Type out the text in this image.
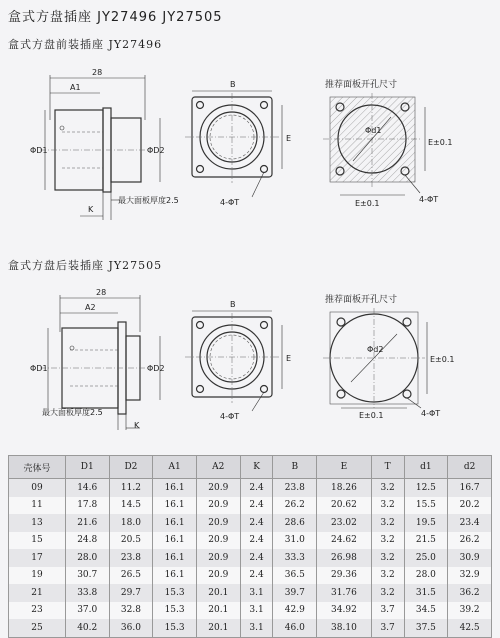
盒式方盘插座 JY27496 JY27505
盒式方盘前装插座 JY27496
盒式方盘后装插座 JY27505
28
A1
ΦD1	ΦD2
K
最大面板厚度2.5
B
E
4-ΦT
推荐面板开孔尺寸
Φd1
E±0.1
E±0.1	4-ΦT
28
A2
ΦD1	ΦD2
最大面板厚度2.5
K
B
E
4-ΦT
推荐面板开孔尺寸
Φd2
E±0.1
E±0.1	4-ΦT
壳体号	D1	D2	A1	A2	K	B	E	T	d1	d2
09	14.6	11.2	16.1	20.9	2.4	23.8	18.26	3.2	12.5	16.7
11	17.8	14.5	16.1	20.9	2.4	26.2	20.62	3.2	15.5	20.2
13	21.6	18.0	16.1	20.9	2.4	28.6	23.02	3.2	19.5	23.4
15	24.8	20.5	16.1	20.9	2.4	31.0	24.62	3.2	21.5	26.2
17	28.0	23.8	16.1	20.9	2.4	33.3	26.98	3.2	25.0	30.9
19	30.7	26.5	16.1	20.9	2.4	36.5	29.36	3.2	28.0	32.9
21	33.8	29.7	15.3	20.1	3.1	39.7	31.76	3.2	31.5	36.2
23	37.0	32.8	15.3	20.1	3.1	42.9	34.92	3.7	34.5	39.2
25	40.2	36.0	15.3	20.1	3.1	46.0	38.10	3.7	37.5	42.5
